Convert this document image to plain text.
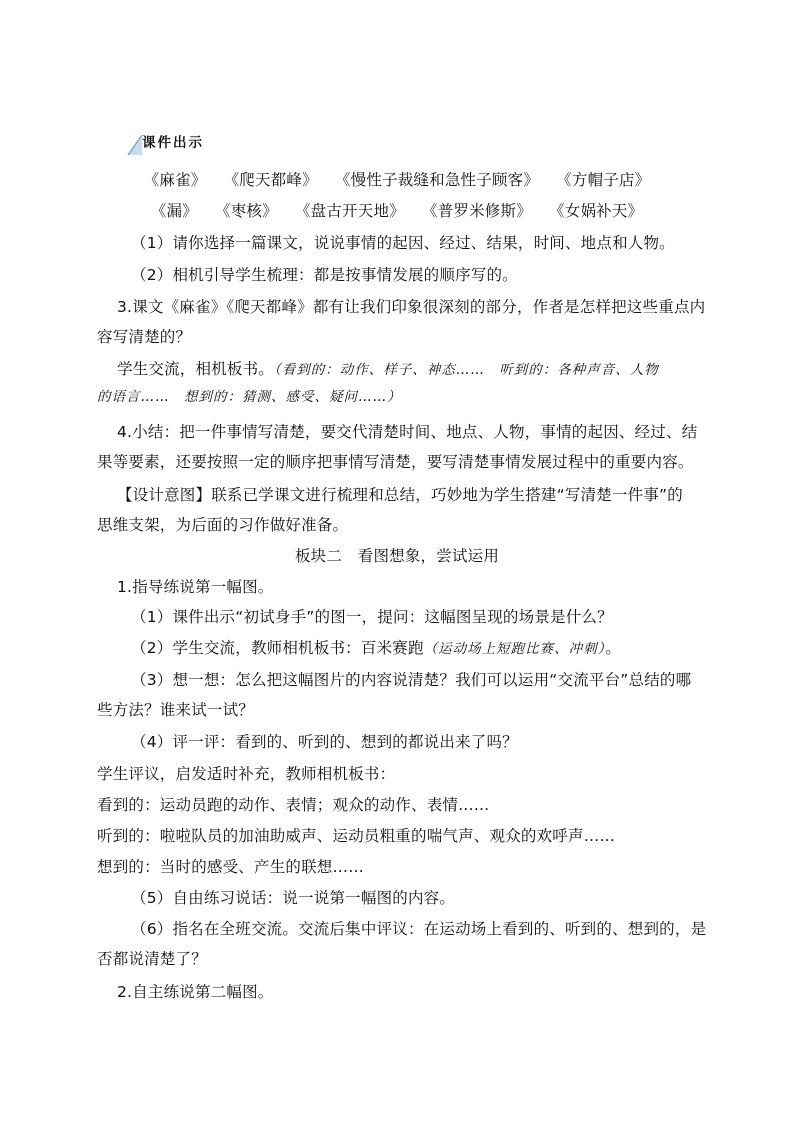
课件出示
《麻雀》 《爬天都峰》 《慢性子裁缝和急性子顾客》 《方帽子店》
《漏》 《枣核》 《盘古开天地》 《普罗米修斯》 《女娲补天》
（1）请你选择一篇课文，说说事情的起因、经过、结果，时间、地点和人物。
（2）相机引导学生梳理：都是按事情发展的顺序写的。
3.课文《麻雀》《爬天都峰》都有让我们印象很深刻的部分，作者是怎样把这些重点内
容写清楚的？
学生交流，相机板书。（看到的：动作、样子、神态……　听到的：各种声音、人物
的语言……　想到的：猜测、感受、疑问……）
4.小结：把一件事情写清楚，要交代清楚时间、地点、人物，事情的起因、经过、结
果等要素，还要按照一定的顺序把事情写清楚，要写清楚事情发展过程中的重要内容。
【设计意图】联系已学课文进行梳理和总结，巧妙地为学生搭建“写清楚一件事”的
思维支架，为后面的习作做好准备。
板块二　看图想象，尝试运用
1.指导练说第一幅图。
（1）课件出示“初试身手”的图一，提问：这幅图呈现的场景是什么？
（2）学生交流，教师相机板书：百米赛跑（运动场上短跑比赛、冲刺）。
（3）想一想：怎么把这幅图片的内容说清楚？我们可以运用“交流平台”总结的哪
些方法？谁来试一试？
（4）评一评：看到的、听到的、想到的都说出来了吗？
学生评议，启发适时补充，教师相机板书：
看到的：运动员跑的动作、表情；观众的动作、表情……
听到的：啦啦队员的加油助威声、运动员粗重的喘气声、观众的欢呼声……
想到的：当时的感受、产生的联想……
（5）自由练习说话：说一说第一幅图的内容。
（6）指名在全班交流。交流后集中评议：在运动场上看到的、听到的、想到的，是
否都说清楚了？
2.自主练说第二幅图。
